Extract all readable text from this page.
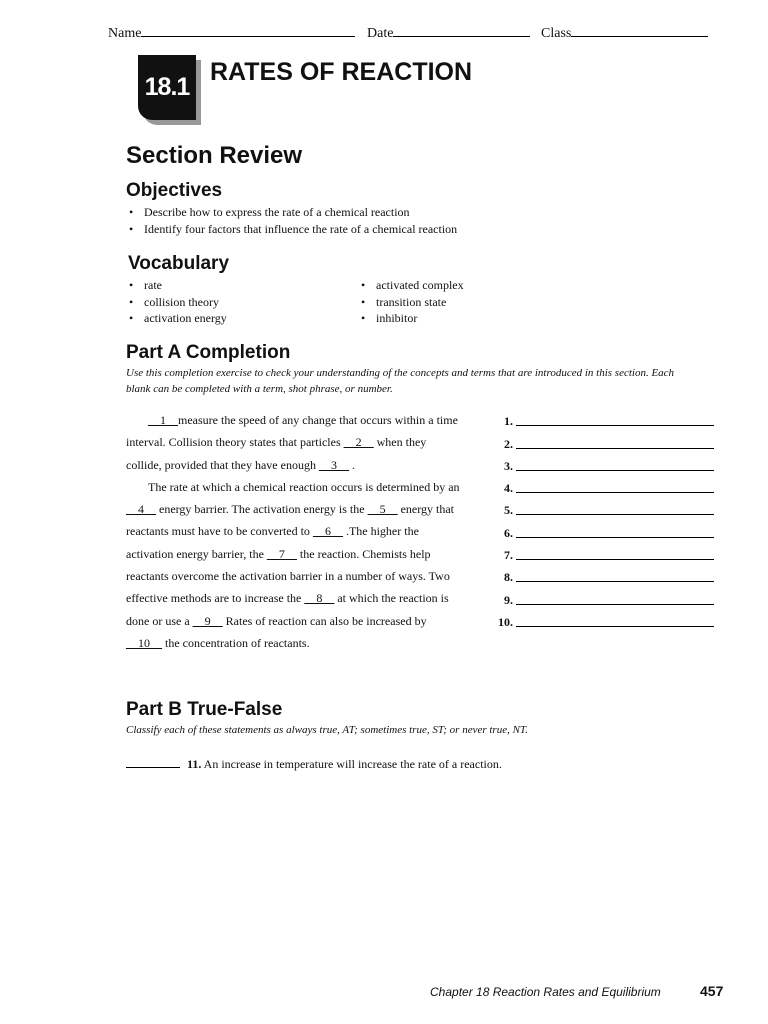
Name	Date	Class
18.1
RATES OF REACTION
Section Review
Objectives
• Describe how to express the rate of a chemical reaction
• Identify four factors that influence the rate of a chemical reaction
Vocabulary
• rate
• collision theory
• activation energy
• activated complex
• transition state
• inhibitor
Part A Completion
Use this completion exercise to check your understanding of the concepts and terms that are introduced in this section. Each blank can be completed with a term, shot phrase, or number.
__1__measure the speed of any change that occurs within a time interval. Collision theory states that particles __2__ when they collide, provided that they have enough __3__ .
The rate at which a chemical reaction occurs is determined by an __4__ energy barrier. The activation energy is the __5__ energy that reactants must have to be converted to __6__ .The higher the activation energy barrier, the __7__ the reaction. Chemists help reactants overcome the activation barrier in a number of ways. Two effective methods are to increase the __8__ at which the reaction is done or use a __9__ Rates of reaction can also be increased by __10__ the concentration of reactants.
1.
2.
3.
4.
5.
6.
7.
8.
9.
10.
Part B True-False
Classify each of these statements as always true, AT; sometimes true, ST; or never true, NT.
11. An increase in temperature will increase the rate of a reaction.
Chapter 18 Reaction Rates and Equilibrium	457
